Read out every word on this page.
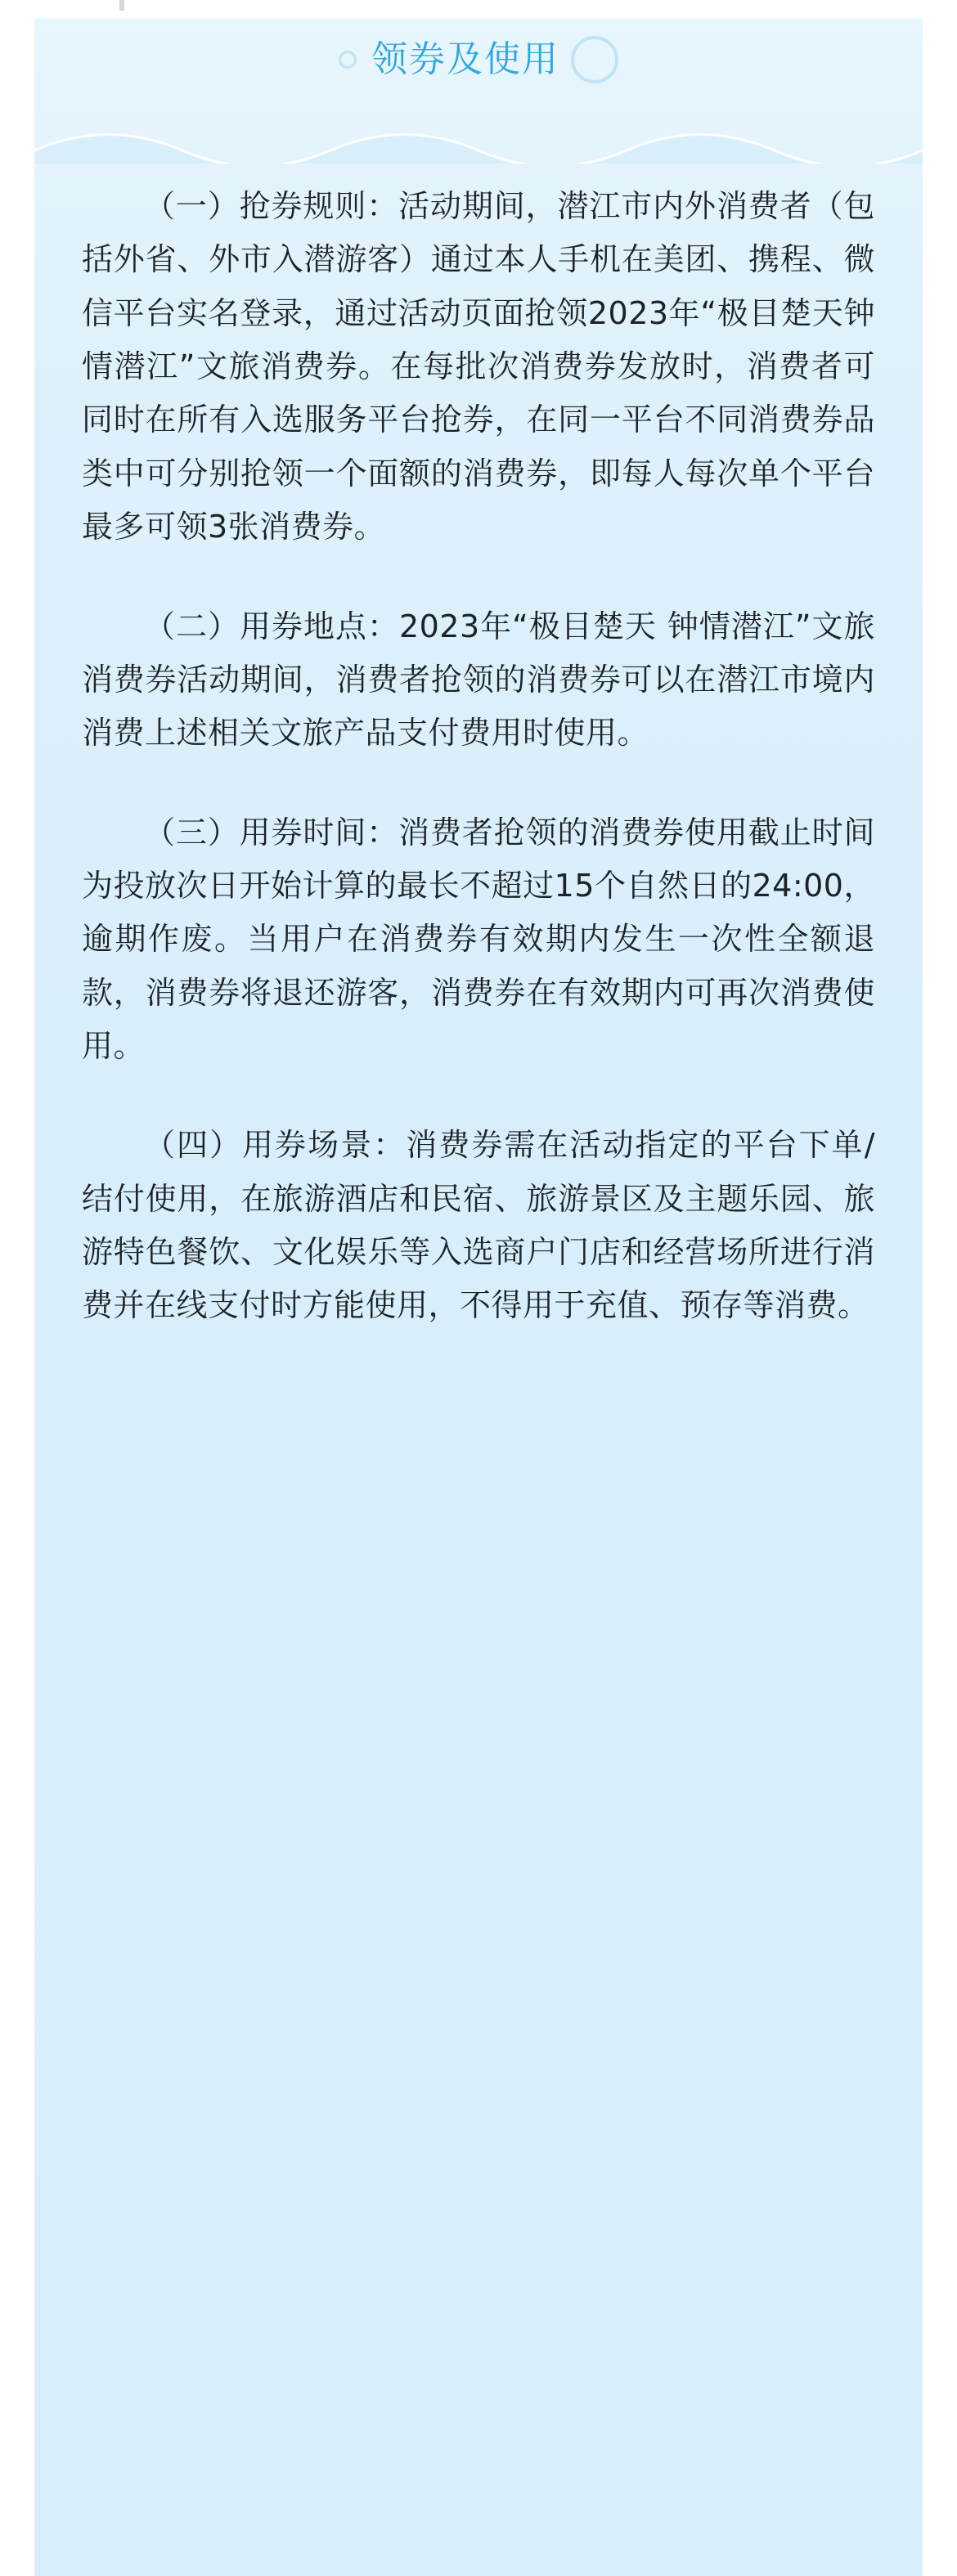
领券及使用

（一）抢券规则：活动期间，潜江市内外消费者（包括外省、外市入潜游客）通过本人手机在美团、携程、微信平台实名登录，通过活动页面抢领2023年“极目楚天钟情潜江”文旅消费券。在每批次消费券发放时，消费者可同时在所有入选服务平台抢券，在同一平台不同消费券品类中可分别抢领一个面额的消费券，即每人每次单个平台最多可领3张消费券。

（二）用券地点：2023年“极目楚天 钟情潜江”文旅消费券活动期间，消费者抢领的消费券可以在潜江市境内消费上述相关文旅产品支付费用时使用。

（三）用券时间：消费者抢领的消费券使用截止时间为投放次日开始计算的最长不超过15个自然日的24:00，逾期作废。当用户在消费券有效期内发生一次性全额退款，消费券将退还游客，消费券在有效期内可再次消费使用。

（四）用券场景：消费券需在活动指定的平台下单/结付使用，在旅游酒店和民宿、旅游景区及主题乐园、旅游特色餐饮、文化娱乐等入选商户门店和经营场所进行消费并在线支付时方能使用，不得用于充值、预存等消费。
